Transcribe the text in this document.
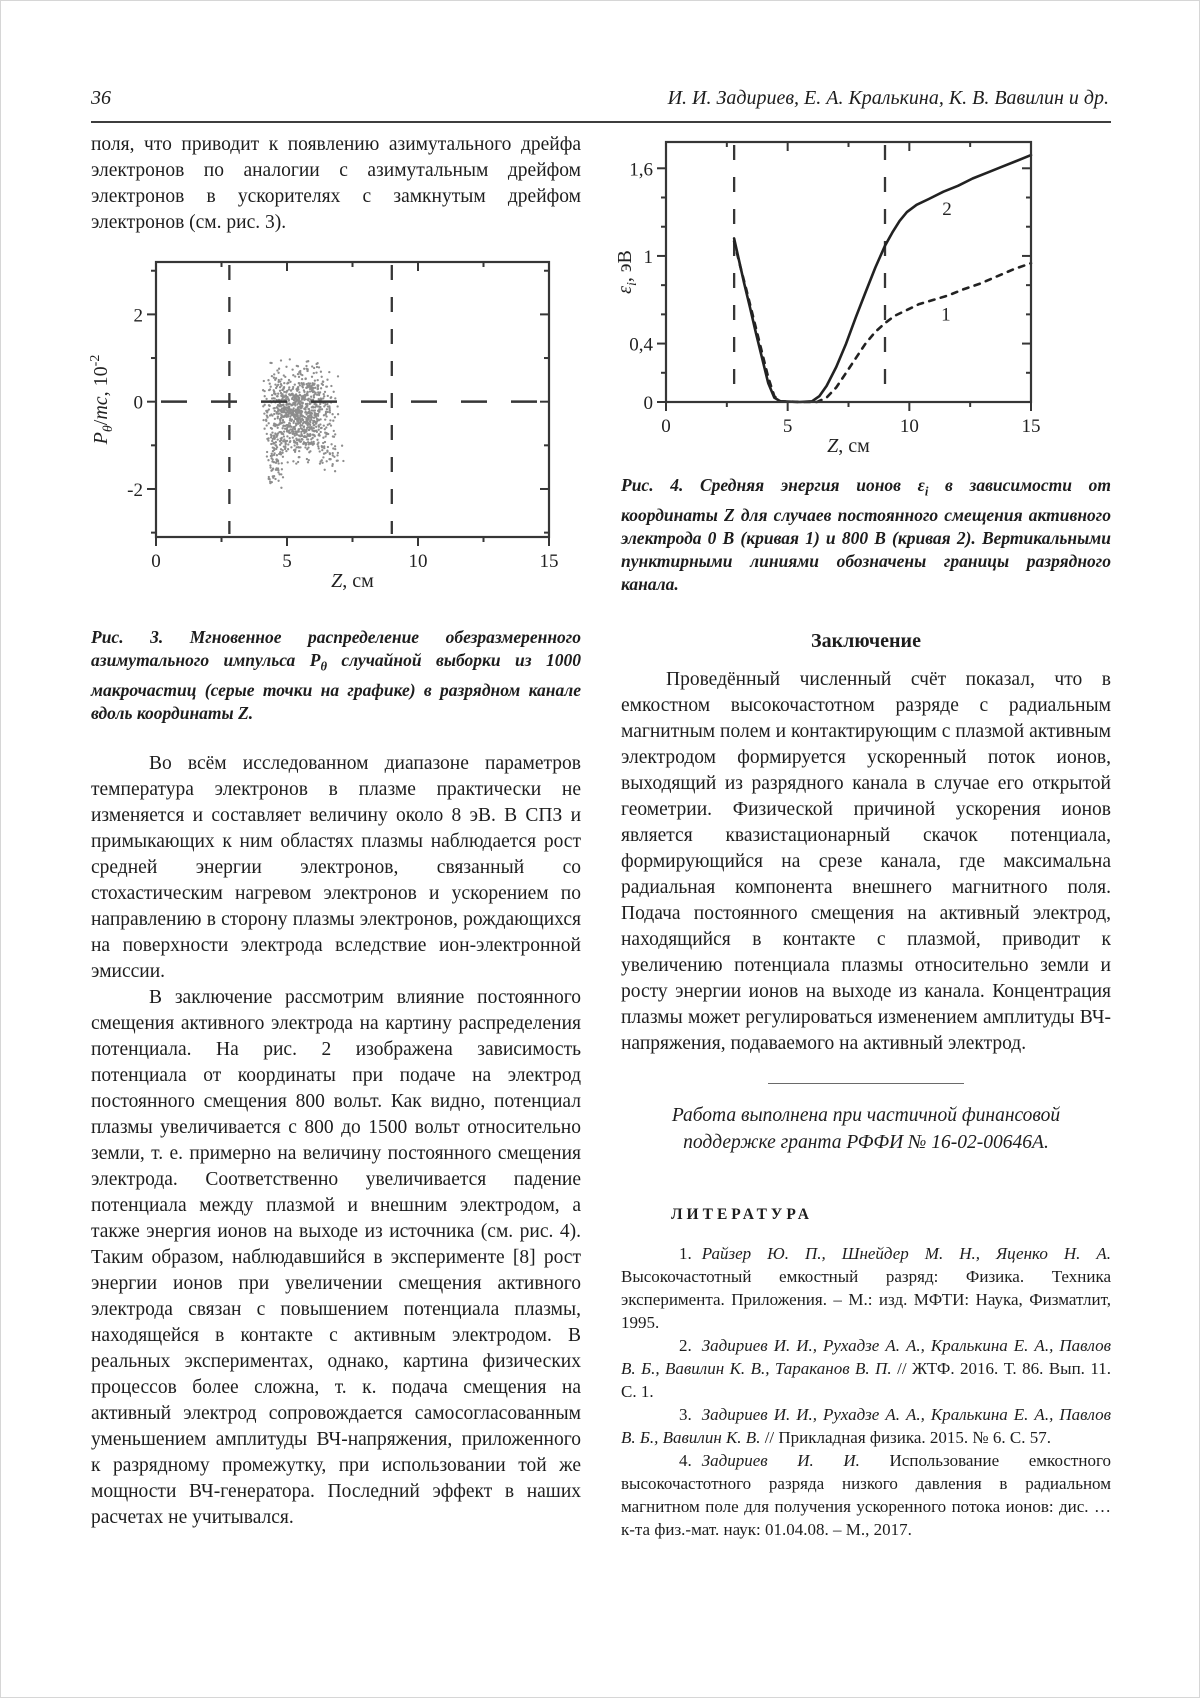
36	И. И. Задириев, Е. А. Кралькина, К. В. Вавилин и др.

поля, что приводит к появлению азимутального дрейфа электронов по аналогии с азимутальным дрейфом электронов в ускорителях с замкнутым дрейфом электронов (см. рис. 3).

0	5	10	15
-2
0
2
Z, см
$P_\theta/mc$, $10^{-2}$

Рис. 3. Мгновенное распределение обезразмеренного азимутального импульса $P_\theta$ случайной выборки из 1000 макрочастиц (серые точки на графике) в разрядном канале вдоль координаты Z.

Во всём исследованном диапазоне параметров температура электронов в плазме практически не изменяется и составляет величину около 8 эВ. В СПЗ и примыкающих к ним областях плазмы наблюдается рост средней энергии электронов, связанный со стохастическим нагревом электронов и ускорением по направлению в сторону плазмы электронов, рождающихся на поверхности электрода вследствие ион-электронной эмиссии.

В заключение рассмотрим влияние постоянного смещения активного электрода на картину распределения потенциала. На рис. 2 изображена зависимость потенциала от координаты при подаче на электрод постоянного смещения 800 вольт. Как видно, потенциал плазмы увеличивается с 800 до 1500 вольт относительно земли, т. е. примерно на величину постоянного смещения электрода. Соответственно увеличивается падение потенциала между плазмой и внешним электродом, а также энергия ионов на выходе из источника (см. рис. 4). Таким образом, наблюдавшийся в эксперименте [8] рост энергии ионов при увеличении смещения активного электрода связан с повышением потенциала плазмы, находящейся в контакте с активным электродом. В реальных экспериментах, однако, картина физических процессов более сложна, т. к. подача смещения на активный электрод сопровождается самосогласованным уменьшением амплитуды ВЧ-напряжения, приложенного к разрядному промежутку, при использовании той же мощности ВЧ-генератора. Последний эффект в наших расчетах не учитывался.

1
2
0	5	10	15
0
0,4
1
1,6
Z, см
$\varepsilon_i$, эВ

Рис. 4. Средняя энергия ионов $\varepsilon_i$ в зависимости от координаты Z для случаев постоянного смещения активного электрода 0 В (кривая 1) и 800 В (кривая 2). Вертикальными пунктирными линиями обозначены границы разрядного канала.

Заключение

Проведённый численный счёт показал, что в емкостном высокочастотном разряде с радиальным магнитным полем и контактирующим с плазмой активным электродом формируется ускоренный поток ионов, выходящий из разрядного канала в случае его открытой геометрии. Физической причиной ускорения ионов является квазистационарный скачок потенциала, формирующийся на срезе канала, где максимальна радиальная компонента внешнего магнитного поля. Подача постоянного смещения на активный электрод, находящийся в контакте с плазмой, приводит к увеличению потенциала плазмы относительно земли и росту энергии ионов на выходе из канала. Концентрация плазмы может регулироваться изменением амплитуды ВЧ-напряжения, подаваемого на активный электрод.

Работа выполнена при частичной финансовой поддержке гранта РФФИ № 16-02-00646А.

ЛИТЕРАТУРА

1. Райзер Ю. П., Шнейдер М. Н., Яценко Н. А. Высокочастотный емкостный разряд: Физика. Техника эксперимента. Приложения. – М.: изд. МФТИ: Наука, Физматлит, 1995.

2. Задириев И. И., Рухадзе А. А., Кралькина Е. А., Павлов В. Б., Вавилин К. В., Тараканов В. П. // ЖТФ. 2016. Т. 86. Вып. 11. С. 1.

3. Задириев И. И., Рухадзе А. А., Кралькина Е. А., Павлов В. Б., Вавилин К. В. // Прикладная физика. 2015. № 6. С. 57.

4. Задириев И. И. Использование емкостного высокочастотного разряда низкого давления в радиальном магнитном поле для получения ускоренного потока ионов: дис. … к-та физ.-мат. наук: 01.04.08. – М., 2017.
